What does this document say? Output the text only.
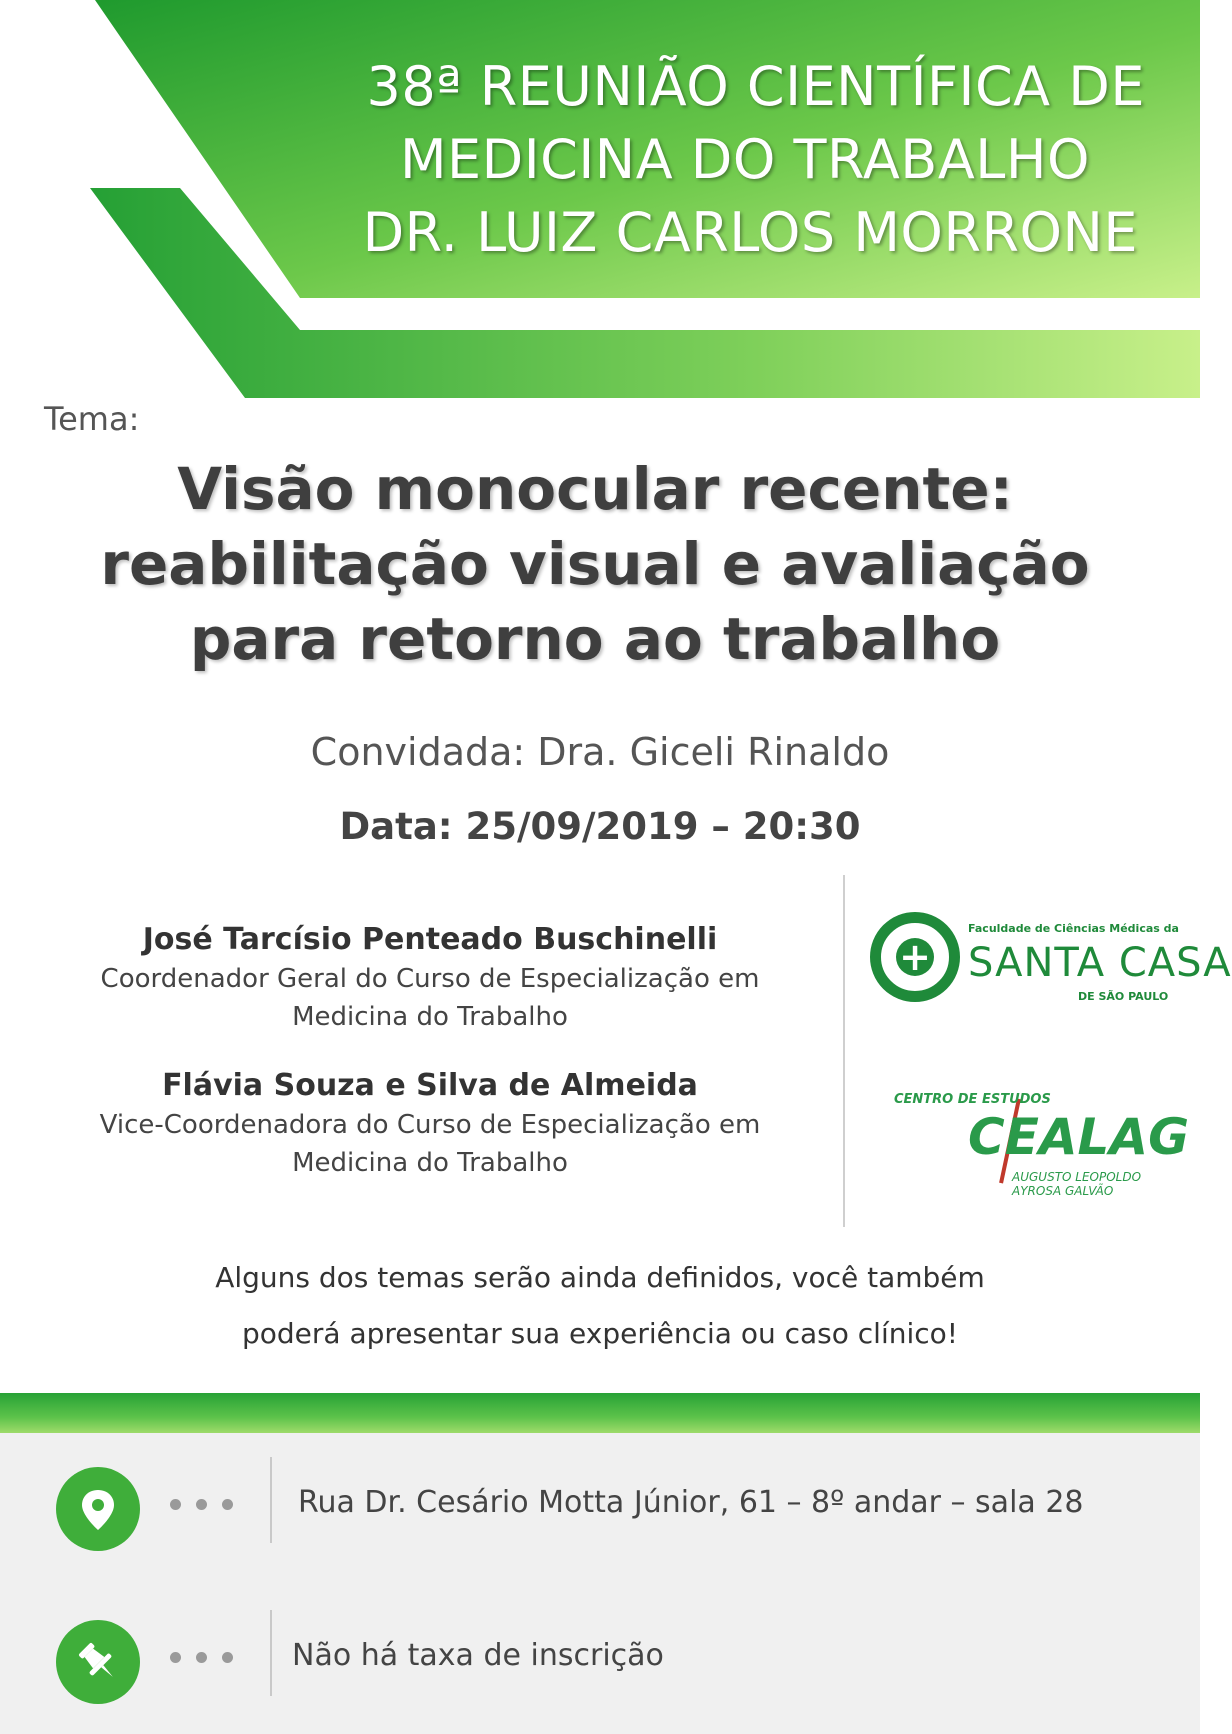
38ª REUNIÃO CIENTÍFICA DE
MEDICINA DO TRABALHO
DR. LUIZ CARLOS MORRONE
Tema:
Visão monocular recente:
reabilitação visual e avaliação
para retorno ao trabalho
Convidada: Dra. Giceli Rinaldo
Data: 25/09/2019 – 20:30
José Tarcísio Penteado Buschinelli
Coordenador Geral do Curso de Especialização em
Medicina do Trabalho
Flávia Souza e Silva de Almeida
Vice-Coordenadora do Curso de Especialização em
Medicina do Trabalho
+
Faculdade de Ciências Médicas da
SANTA CASA
DE SÃO PAULO
CENTRO DE ESTUDOS
CEALAG
AUGUSTO LEOPOLDO
AYROSA GALVÃO
Alguns dos temas serão ainda definidos, você também
poderá apresentar sua experiência ou caso clínico!
Rua Dr. Cesário Motta Júnior, 61 – 8º andar – sala 28
Não há taxa de inscrição
